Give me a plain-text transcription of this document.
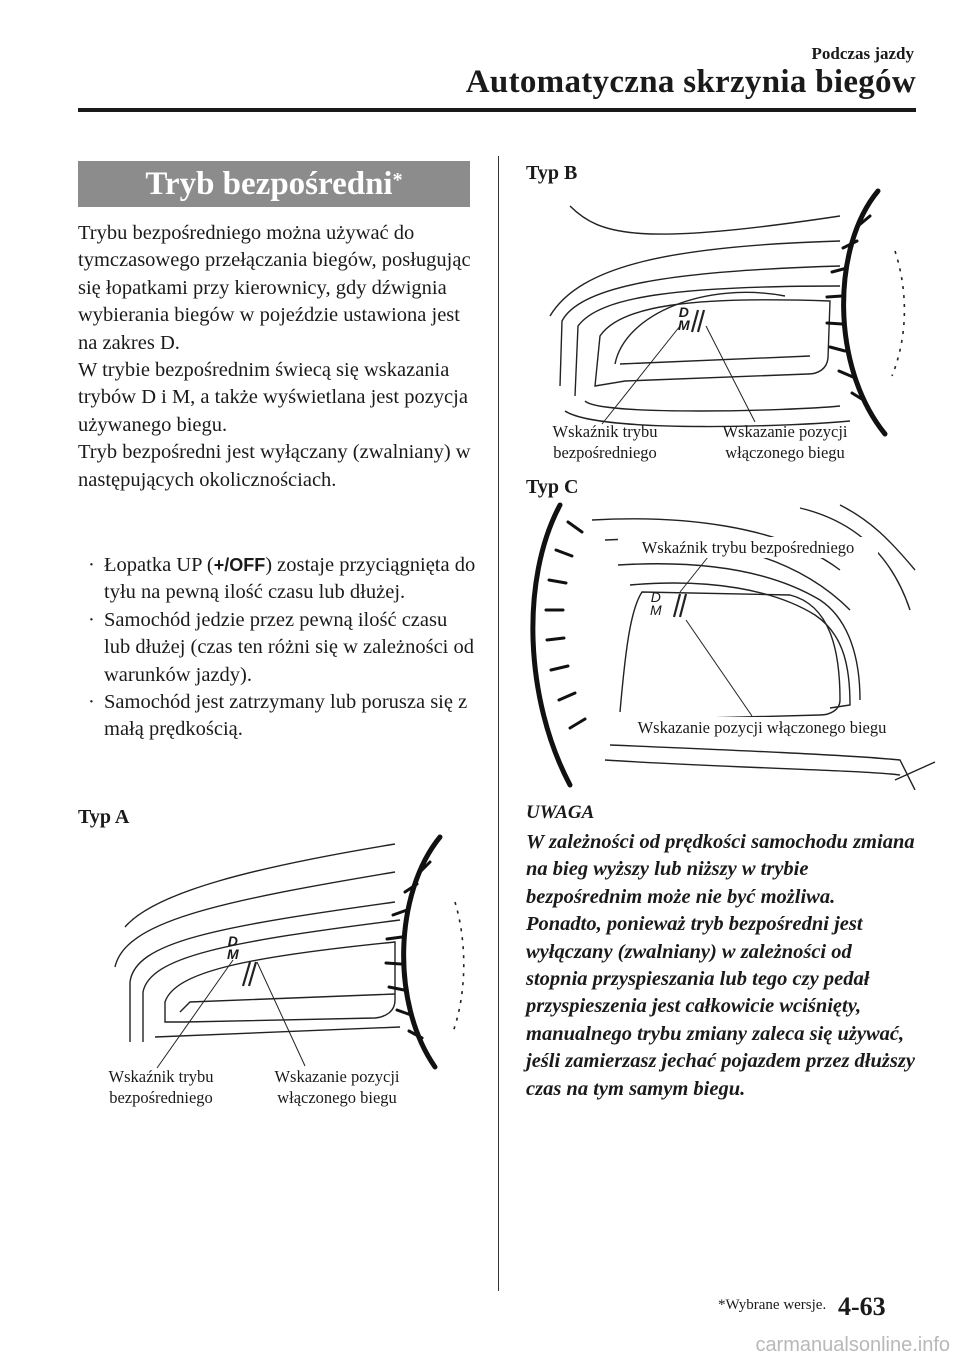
Podczas jazdy
Automatyczna skrzynia biegów
Tryb bezpośredni*

Trybu bezpośredniego można używać do tymczasowego przełączania biegów, posługując się łopatkami przy kierownicy, gdy dźwignia wybierania biegów w pojeździe ustawiona jest na zakres D.

W trybie bezpośrednim świecą się wskazania trybów D i M, a także wyświetlana jest pozycja używanego biegu.

Tryb bezpośredni jest wyłączany (zwalniany) w następujących okolicznościach.

· Łopatka UP (+/OFF) zostaje przyciągnięta do tyłu na pewną ilość czasu lub dłużej.
· Samochód jedzie przez pewną ilość czasu lub dłużej (czas ten różni się w zależności od warunków jazdy).
· Samochód jest zatrzymany lub porusza się z małą prędkością.
Typ A
D
M
Wskaźnik trybu
bezpośredniego
Wskazanie pozycji
włączonego biegu
Typ B
D
M
Wskaźnik trybu
bezpośredniego
Wskazanie pozycji
włączonego biegu
Typ C
D
M
Wskaźnik trybu bezpośredniego
Wskazanie pozycji włączonego biegu
UWAGA
W zależności od prędkości samochodu zmiana na bieg wyższy lub niższy w trybie bezpośrednim może nie być możliwa. Ponadto, ponieważ tryb bezpośredni jest wyłączany (zwalniany) w zależności od stopnia przyspieszania lub tego czy pedał przyspieszenia jest całkowicie wciśnięty, manualnego trybu zmiany zaleca się używać, jeśli zamierzasz jechać pojazdem przez dłuższy czas na tym samym biegu.
*Wybrane wersje. 4-63
carmanualsonline.info
